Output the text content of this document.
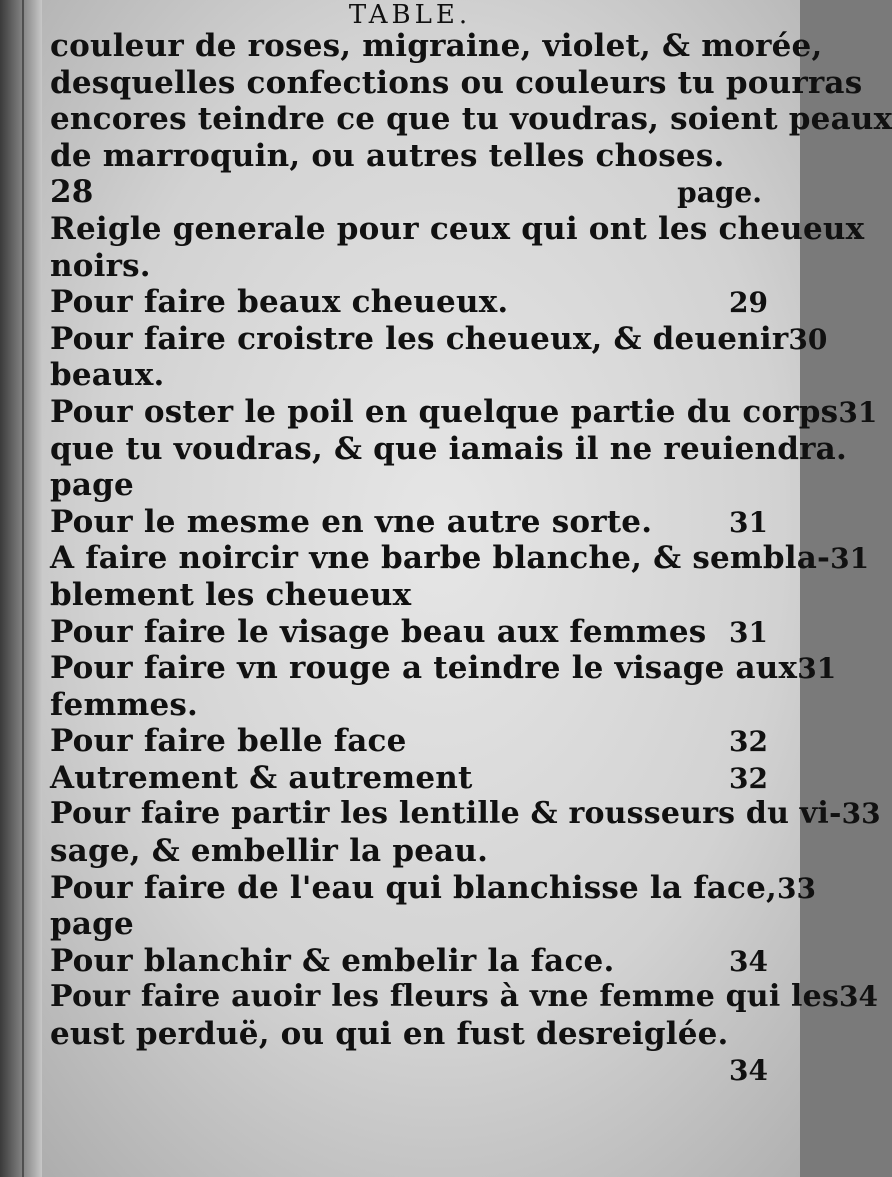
TABLE.
couleur de roses, migraine, violet, & morée,
desquelles confections ou couleurs tu pourras
encores teindre ce que tu voudras, soient peaux
de marroquin, ou autres telles choses.
28	page.
Reigle generale pour ceux qui ont les cheueux
noirs.
Pour faire beaux cheueux.	29
Pour faire croistre les cheueux, & deuenir 30
beaux.
Pour oster le poil en quelque partie du corps 31
que tu voudras, & que iamais il ne reuiendra.
page
Pour le mesme en vne autre sorte.	31
A faire noircir vne barbe blanche, & sembla- 31
blement les cheueux
Pour faire le visage beau aux femmes 31
Pour faire vn rouge a teindre le visage aux 31
femmes.
Pour faire belle face	32
Autrement & autrement	32
Pour faire partir les lentille & rousseurs du vi- 33
sage, & embellir la peau.
Pour faire de l'eau qui blanchisse la face, 33
page
Pour blanchir & embelir la face.	34
Pour faire auoir les fleurs à vne femme qui les 34
eust perduë, ou qui en fust desreiglée.
34
